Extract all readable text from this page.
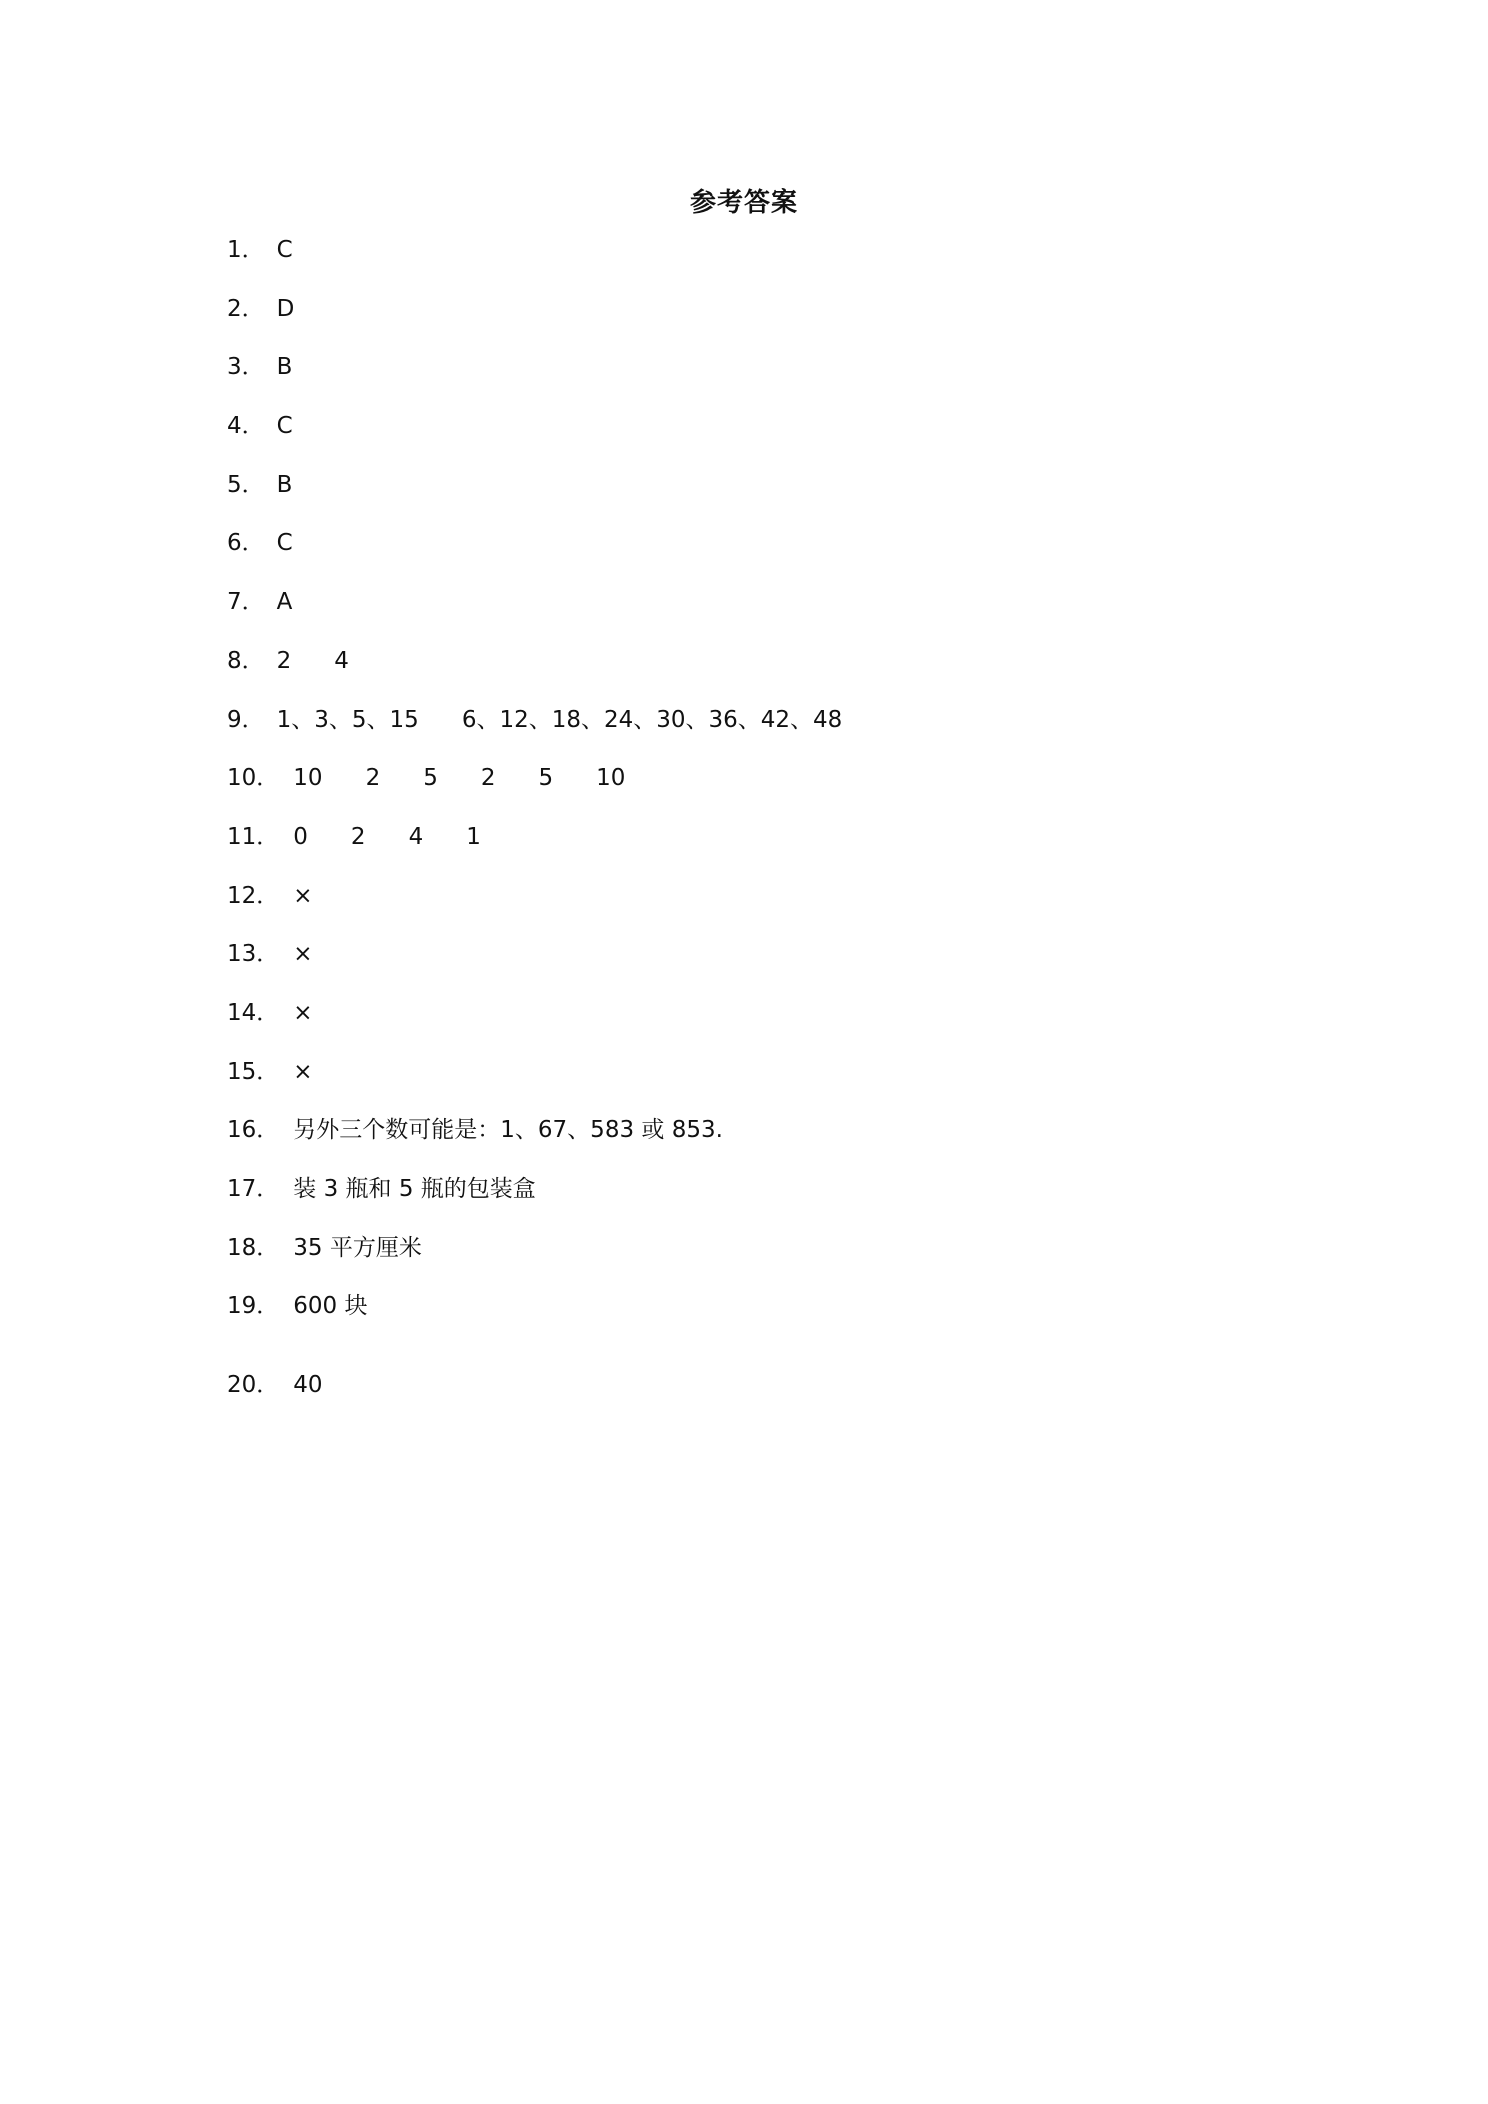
参考答案
1 ． C
2 ． D
3 ． B
4 ． C
5 ． B
6 ． C
7 ． A
8 ． 2 4
9 ． 1、3、5、15 6、12、18、24、30、36、42、48
10 ． 10 2 5 2 5 10
11 ． 0 2 4 1
12 ． ×
13 ． ×
14 ． ×
15 ． ×
16 ． 另外三个数可能是：1、67、583 或 853.
17 ． 装 3 瓶和 5 瓶的包装盒
18 ． 35 平方厘米
19 ． 600 块
20 ． 40
